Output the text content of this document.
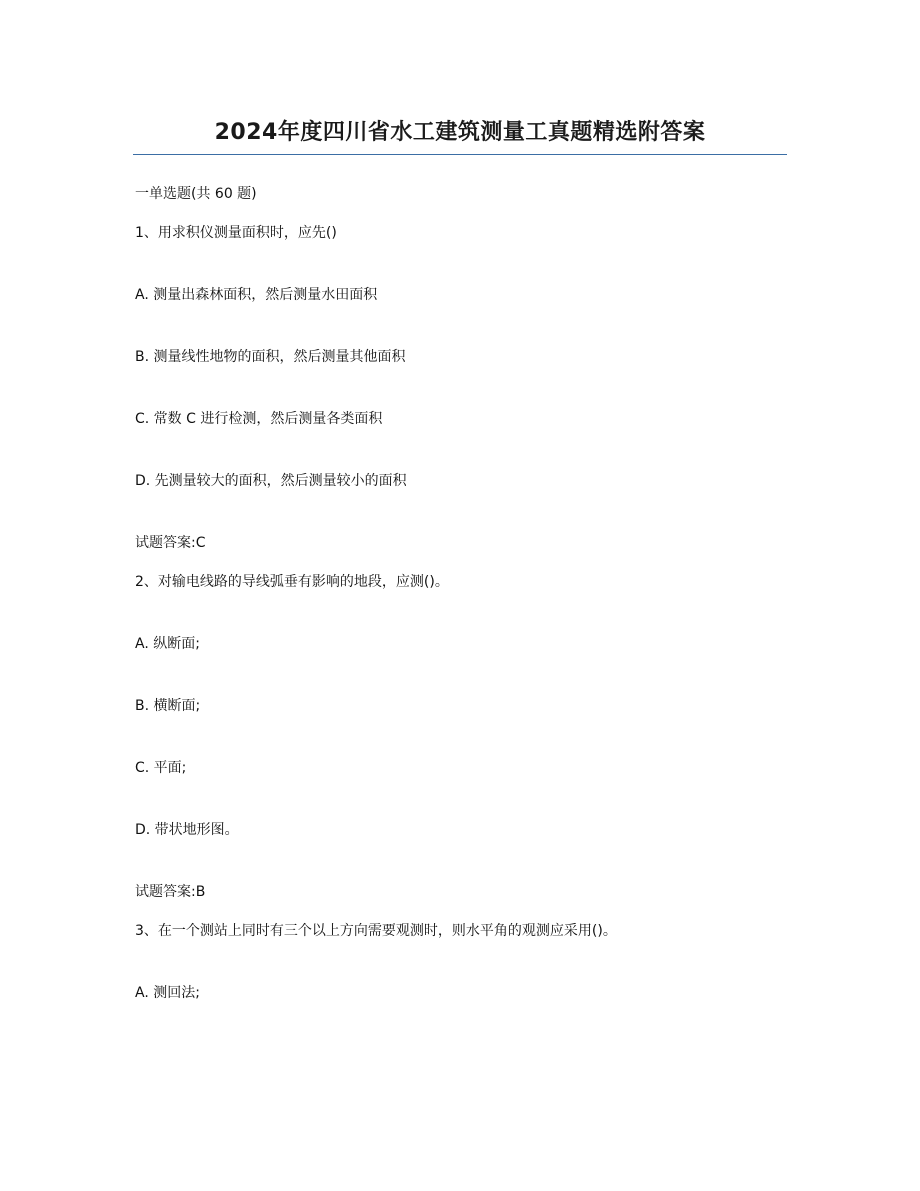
2024年度四川省水工建筑测量工真题精选附答案
一单选题(共 60 题)
1、用求积仪测量面积时，应先()
A. 测量出森林面积，然后测量水田面积
B. 测量线性地物的面积，然后测量其他面积
C. 常数 C 进行检测，然后测量各类面积
D. 先测量较大的面积，然后测量较小的面积
试题答案:C
2、对输电线路的导线弧垂有影响的地段，应测()。
A. 纵断面;
B. 横断面;
C. 平面;
D. 带状地形图。
试题答案:B
3、在一个测站上同时有三个以上方向需要观测时，则水平角的观测应采用()。
A. 测回法;
